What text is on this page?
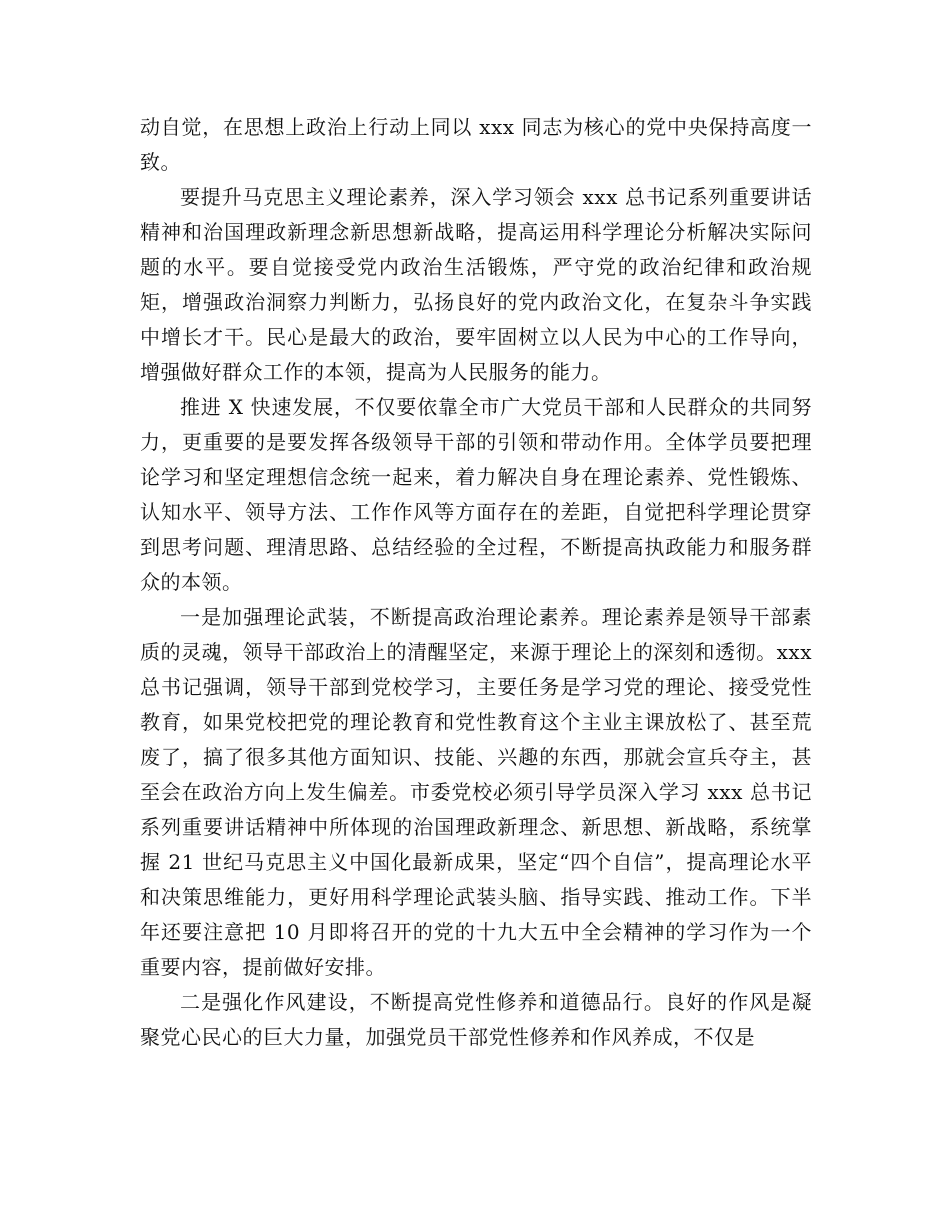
动自觉，在思想上政治上行动上同以 xxx 同志为核心的党中央保持高度一致。

要提升马克思主义理论素养，深入学习领会 xxx 总书记系列重要讲话精神和治国理政新理念新思想新战略，提高运用科学理论分析解决实际问题的水平。要自觉接受党内政治生活锻炼，严守党的政治纪律和政治规矩，增强政治洞察力判断力，弘扬良好的党内政治文化，在复杂斗争实践中增长才干。民心是最大的政治，要牢固树立以人民为中心的工作导向，增强做好群众工作的本领，提高为人民服务的能力。

推进 X 快速发展，不仅要依靠全市广大党员干部和人民群众的共同努力，更重要的是要发挥各级领导干部的引领和带动作用。全体学员要把理论学习和坚定理想信念统一起来，着力解决自身在理论素养、党性锻炼、认知水平、领导方法、工作作风等方面存在的差距，自觉把科学理论贯穿到思考问题、理清思路、总结经验的全过程，不断提高执政能力和服务群众的本领。

一是加强理论武装，不断提高政治理论素养。理论素养是领导干部素质的灵魂，领导干部政治上的清醒坚定，来源于理论上的深刻和透彻。xxx 总书记强调，领导干部到党校学习，主要任务是学习党的理论、接受党性教育，如果党校把党的理论教育和党性教育这个主业主课放松了、甚至荒废了，搞了很多其他方面知识、技能、兴趣的东西，那就会宣兵夺主，甚至会在政治方向上发生偏差。市委党校必须引导学员深入学习 xxx 总书记系列重要讲话精神中所体现的治国理政新理念、新思想、新战略，系统掌握 21 世纪马克思主义中国化最新成果，坚定“四个自信”，提高理论水平和决策思维能力，更好用科学理论武装头脑、指导实践、推动工作。下半年还要注意把 10 月即将召开的党的十九大五中全会精神的学习作为一个重要内容，提前做好安排。

二是强化作风建设，不断提高党性修养和道德品行。良好的作风是凝聚党心民心的巨大力量，加强党员干部党性修养和作风养成，不仅是
